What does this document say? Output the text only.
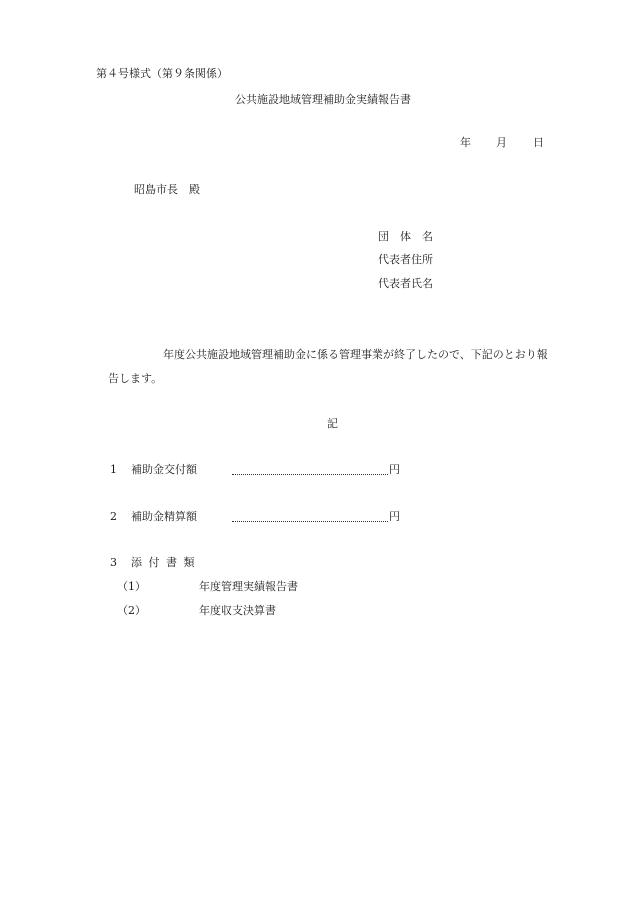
第４号様式（第９条関係）
公共施設地域管理補助金実績報告書
年 月 日
昭島市長　殿
団　体　名
代表者住所
代表者氏名
年度公共施設地域管理補助金に係る管理事業が終了したので、下記のとおり報
告します。
記
1 補助金交付額	円
2 補助金精算額	円
3 添 付 書 類
（1）	年度管理実績報告書
（2）	年度収支決算書
